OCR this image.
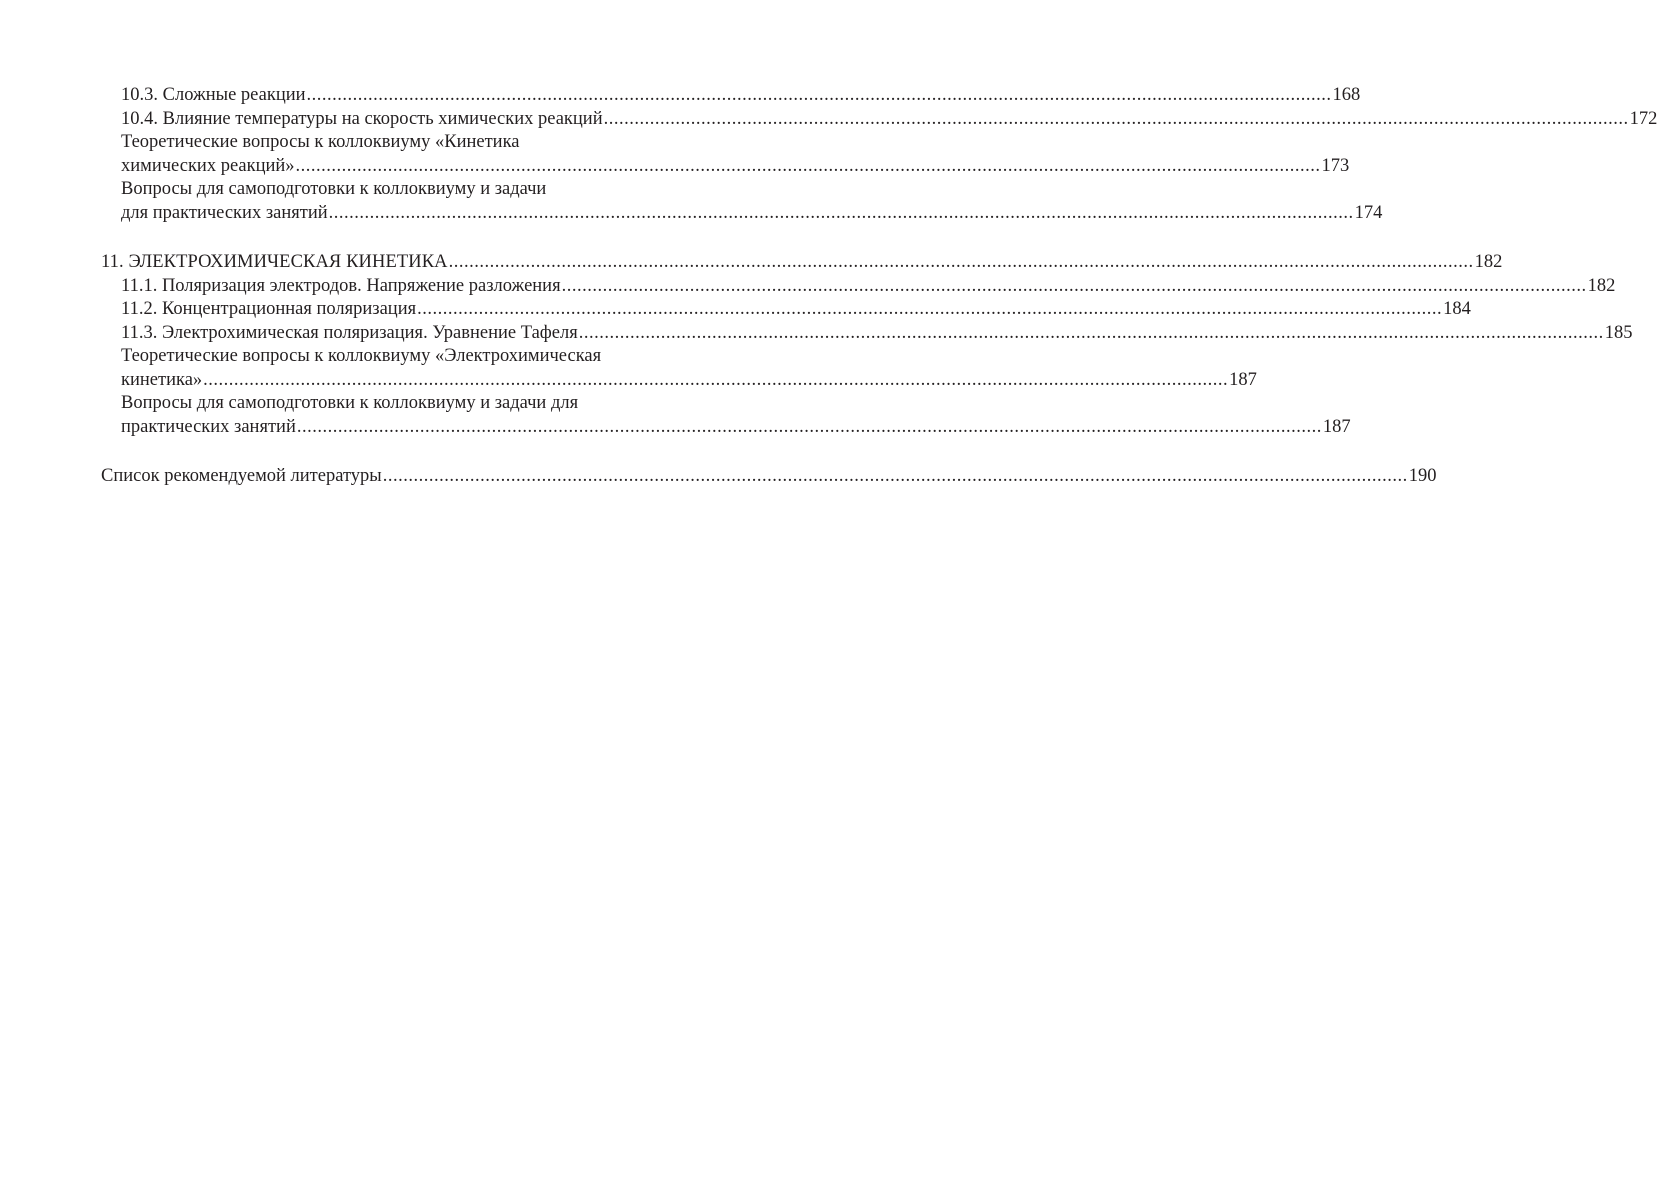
10.3. Сложные реакции ........................................................................................................................................................................................................ 168
10.4. Влияние температуры на скорость химических реакций ........................................................................................................................................................................................................ 172
Теоретические вопросы к коллоквиуму «Кинетика
химических реакций» ........................................................................................................................................................................................................ 173
Вопросы для самоподготовки к коллоквиуму и задачи
для практических занятий ........................................................................................................................................................................................................ 174
11. ЭЛЕКТРОХИМИЧЕСКАЯ КИНЕТИКА ........................................................................................................................................................................................................ 182
11.1. Поляризация электродов. Напряжение разложения ........................................................................................................................................................................................................ 182
11.2. Концентрационная поляризация ........................................................................................................................................................................................................ 184
11.3. Электрохимическая поляризация. Уравнение Тафеля ........................................................................................................................................................................................................ 185
Теоретические вопросы к коллоквиуму «Электрохимическая
кинетика» ........................................................................................................................................................................................................ 187
Вопросы для самоподготовки к коллоквиуму и задачи для
практических занятий ........................................................................................................................................................................................................ 187
Список рекомендуемой литературы ........................................................................................................................................................................................................ 190
